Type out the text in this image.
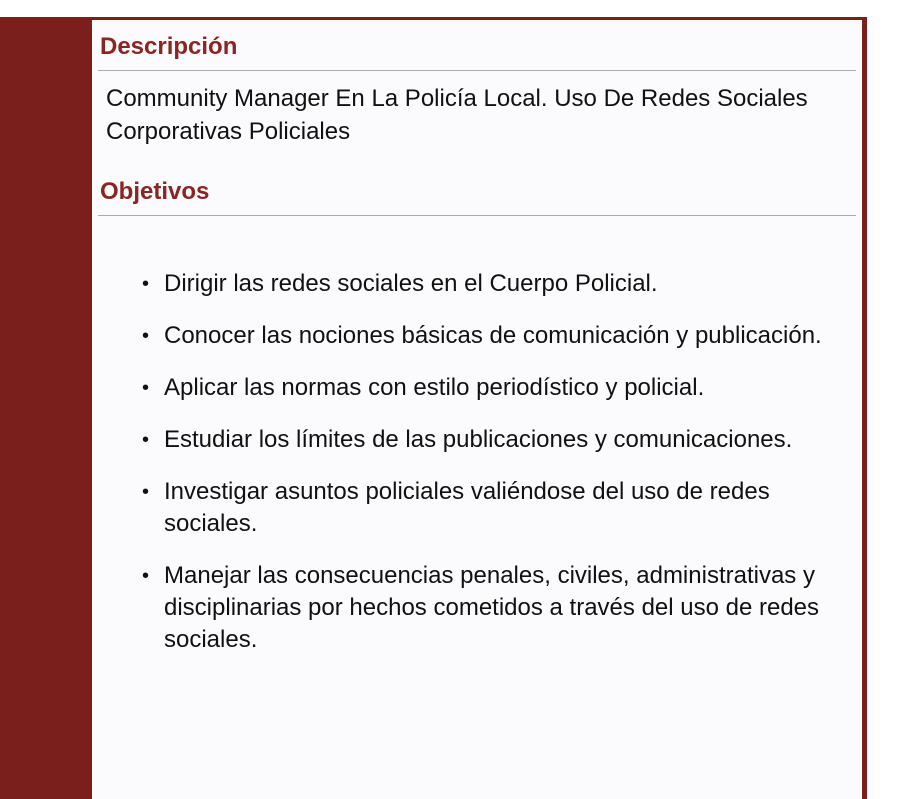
Descripción

Community Manager En La Policía Local. Uso De Redes Sociales Corporativas Policiales

Objetivos
• Dirigir las redes sociales en el Cuerpo Policial.
• Conocer las nociones básicas de comunicación y publicación.
• Aplicar las normas con estilo periodístico y policial.
• Estudiar los límites de las publicaciones y comunicaciones.
• Investigar asuntos policiales valiéndose del uso de redes sociales.
• Manejar las consecuencias penales, civiles, administrativas y disciplinarias por hechos cometidos a través del uso de redes sociales.
